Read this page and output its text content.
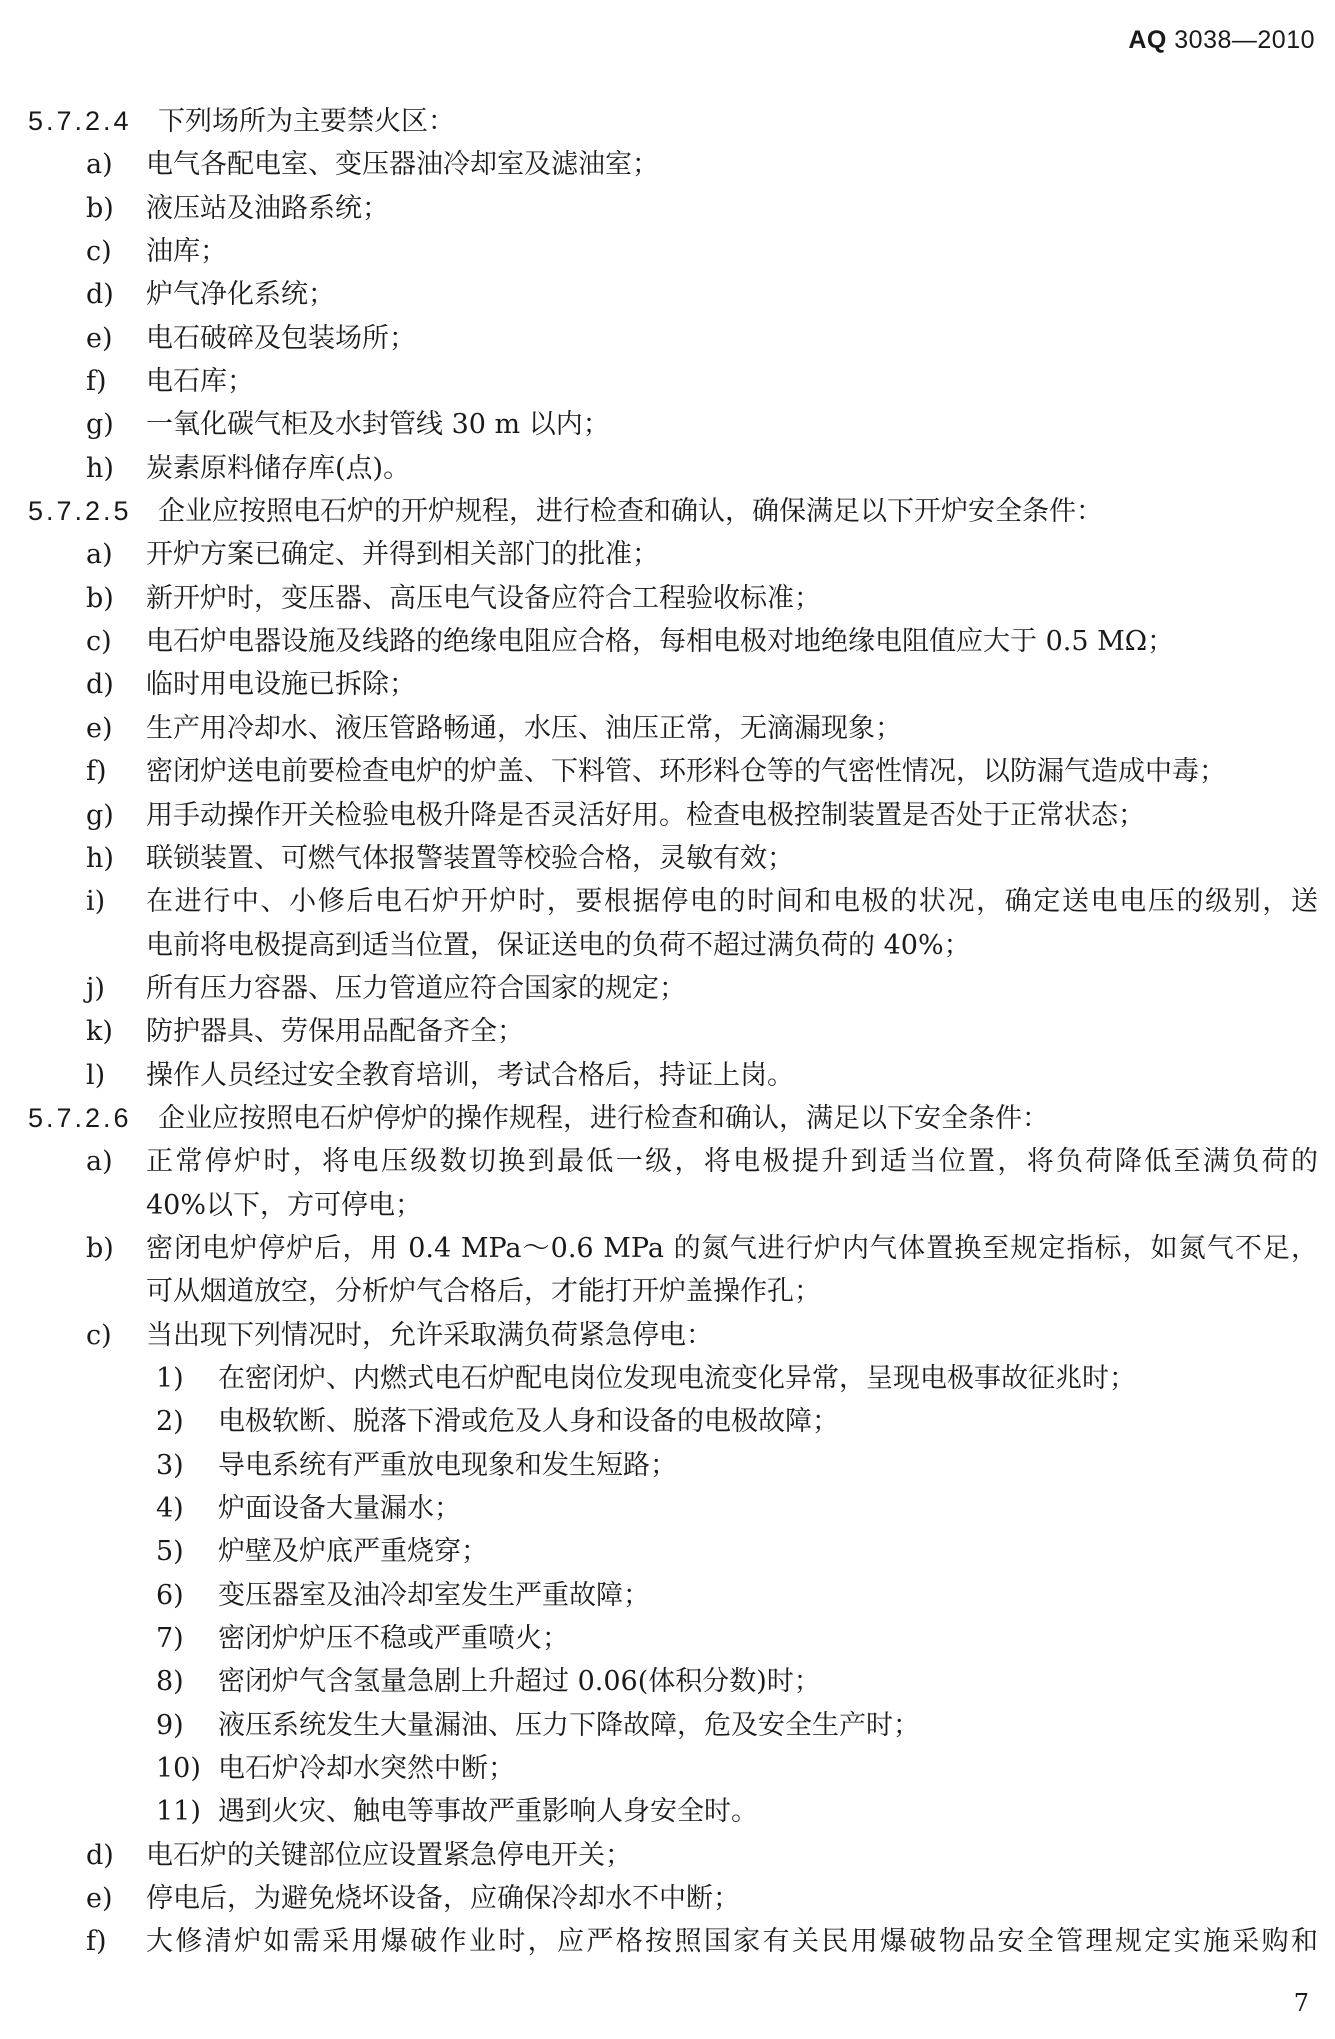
AQ 3038—2010
5.7.2.4 下列场所为主要禁火区：
a) 电气各配电室、变压器油冷却室及滤油室；
b) 液压站及油路系统；
c) 油库；
d) 炉气净化系统；
e) 电石破碎及包装场所；
f) 电石库；
g) 一氧化碳气柜及水封管线 30 m 以内；
h) 炭素原料储存库(点)。
5.7.2.5 企业应按照电石炉的开炉规程，进行检查和确认，确保满足以下开炉安全条件：
a) 开炉方案已确定、并得到相关部门的批准；
b) 新开炉时，变压器、高压电气设备应符合工程验收标准；
c) 电石炉电器设施及线路的绝缘电阻应合格，每相电极对地绝缘电阻值应大于 0.5 MΩ；
d) 临时用电设施已拆除；
e) 生产用冷却水、液压管路畅通，水压、油压正常，无滴漏现象；
f) 密闭炉送电前要检查电炉的炉盖、下料管、环形料仓等的气密性情况，以防漏气造成中毒；
g) 用手动操作开关检验电极升降是否灵活好用。检查电极控制装置是否处于正常状态；
h) 联锁装置、可燃气体报警装置等校验合格，灵敏有效；
i) 在进行中、小修后电石炉开炉时，要根据停电的时间和电极的状况，确定送电电压的级别，送
电前将电极提高到适当位置，保证送电的负荷不超过满负荷的 40%；
j) 所有压力容器、压力管道应符合国家的规定；
k) 防护器具、劳保用品配备齐全；
l) 操作人员经过安全教育培训，考试合格后，持证上岗。
5.7.2.6 企业应按照电石炉停炉的操作规程，进行检查和确认，满足以下安全条件：
a) 正常停炉时，将电压级数切换到最低一级，将电极提升到适当位置，将负荷降低至满负荷的
40%以下，方可停电；
b) 密闭电炉停炉后，用 0.4 MPa～0.6 MPa 的氮气进行炉内气体置换至规定指标，如氮气不足，
可从烟道放空，分析炉气合格后，才能打开炉盖操作孔；
c) 当出现下列情况时，允许采取满负荷紧急停电：
1) 在密闭炉、内燃式电石炉配电岗位发现电流变化异常，呈现电极事故征兆时；
2) 电极软断、脱落下滑或危及人身和设备的电极故障；
3) 导电系统有严重放电现象和发生短路；
4) 炉面设备大量漏水；
5) 炉壁及炉底严重烧穿；
6) 变压器室及油冷却室发生严重故障；
7) 密闭炉炉压不稳或严重喷火；
8) 密闭炉气含氢量急剧上升超过 0.06(体积分数)时；
9) 液压系统发生大量漏油、压力下降故障，危及安全生产时；
10) 电石炉冷却水突然中断；
11) 遇到火灾、触电等事故严重影响人身安全时。
d) 电石炉的关键部位应设置紧急停电开关；
e) 停电后，为避免烧坏设备，应确保冷却水不中断；
f) 大修清炉如需采用爆破作业时，应严格按照国家有关民用爆破物品安全管理规定实施采购和
7
